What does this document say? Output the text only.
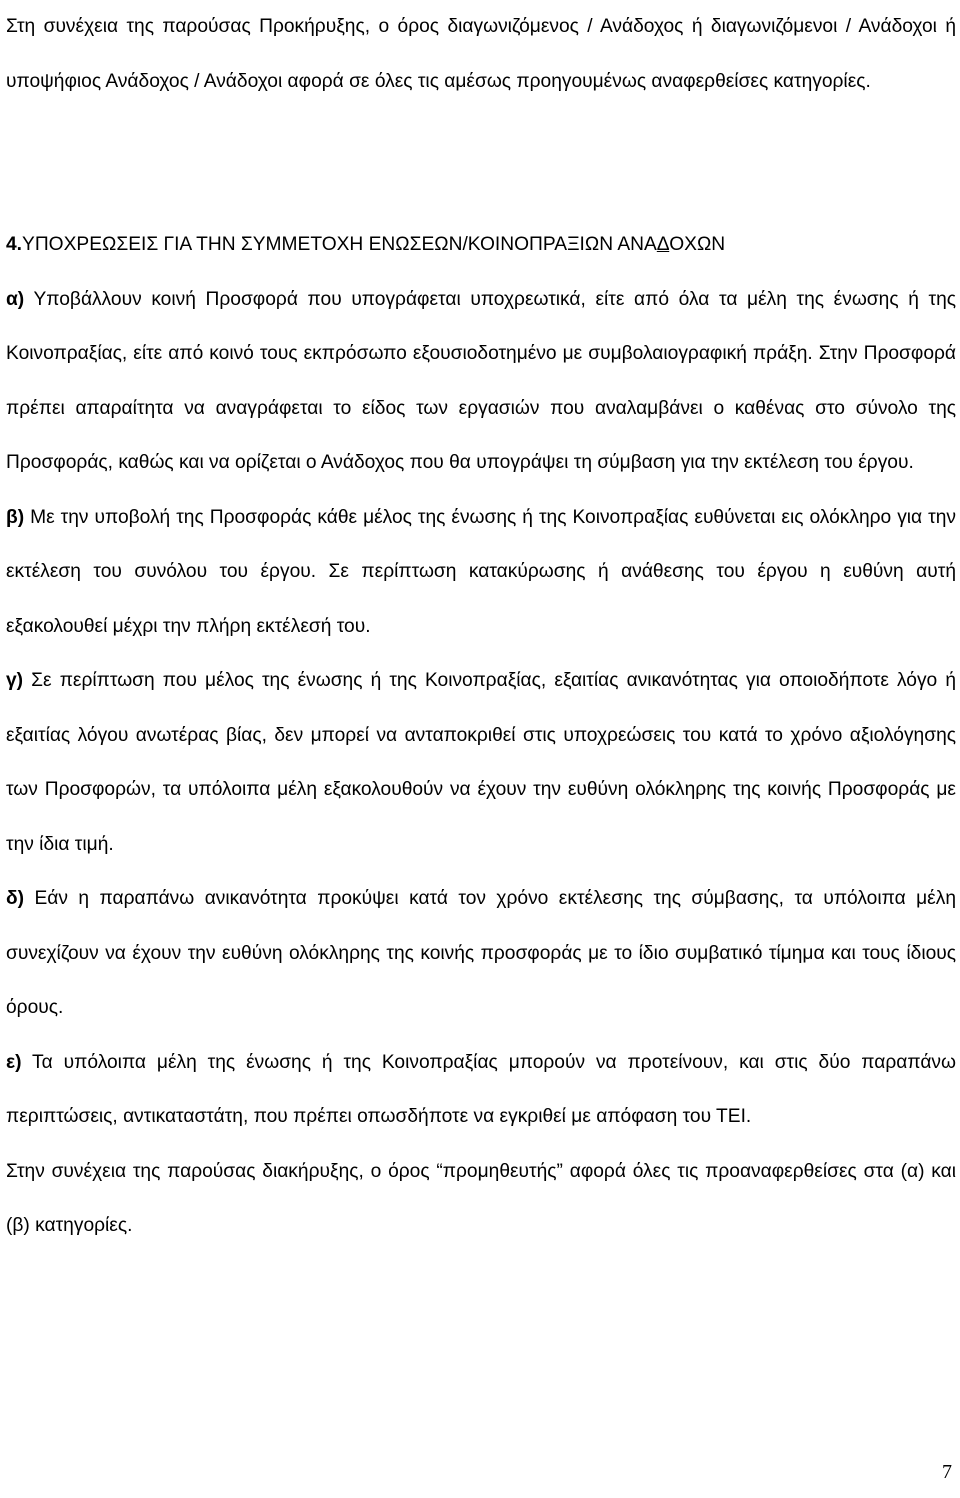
Στη συνέχεια της παρούσας Προκήρυξης, ο όρος διαγωνιζόμενος / Ανάδοχος ή διαγωνιζόμενοι / Ανάδοχοι ή υποψήφιος Ανάδοχος / Ανάδοχοι αφορά σε όλες τις αμέσως προηγουμένως αναφερθείσες κατηγορίες.

4.ΥΠΟΧΡΕΩΣΕΙΣ ΓΙΑ ΤΗΝ ΣΥΜΜΕΤΟΧΗ ΕΝΩΣΕΩΝ/ΚΟΙΝΟΠΡΑΞΙΩΝ ΑΝΑΔΟΧΩΝ

α) Υποβάλλουν κοινή Προσφορά που υπογράφεται υποχρεωτικά, είτε από όλα τα μέλη της ένωσης ή της Κοινοπραξίας, είτε από κοινό τους εκπρόσωπο εξουσιοδοτημένο με συμβολαιογραφική πράξη. Στην Προσφορά πρέπει απαραίτητα να αναγράφεται το είδος των εργασιών που αναλαμβάνει ο καθένας στο σύνολο της Προσφοράς, καθώς και να ορίζεται ο Ανάδοχος που θα υπογράψει τη σύμβαση για την εκτέλεση του έργου.

β) Με την υποβολή της Προσφοράς κάθε μέλος της ένωσης ή της Κοινοπραξίας ευθύνεται εις ολόκληρο για την εκτέλεση του συνόλου του έργου. Σε περίπτωση κατακύρωσης ή ανάθεσης του έργου η ευθύνη αυτή εξακολουθεί μέχρι την πλήρη εκτέλεσή του.

γ) Σε περίπτωση που μέλος της ένωσης ή της Κοινοπραξίας, εξαιτίας ανικανότητας για οποιοδήποτε λόγο ή εξαιτίας λόγου ανωτέρας βίας, δεν μπορεί να ανταποκριθεί στις υποχρεώσεις του κατά το χρόνο αξιολόγησης των Προσφορών, τα υπόλοιπα μέλη εξακολουθούν να έχουν την ευθύνη ολόκληρης της κοινής Προσφοράς με την ίδια τιμή.

δ) Εάν η παραπάνω ανικανότητα προκύψει κατά τον χρόνο εκτέλεσης της σύμβασης, τα υπόλοιπα μέλη συνεχίζουν να έχουν την ευθύνη ολόκληρης της κοινής προσφοράς με το ίδιο συμβατικό τίμημα και τους ίδιους όρους.

ε) Τα υπόλοιπα μέλη της ένωσης ή της Κοινοπραξίας μπορούν να προτείνουν, και στις δύο παραπάνω περιπτώσεις, αντικαταστάτη, που πρέπει οπωσδήποτε να εγκριθεί με απόφαση του ΤΕΙ.

Στην συνέχεια της παρούσας διακήρυξης, ο όρος “προμηθευτής” αφορά όλες τις προαναφερθείσες στα (α) και (β) κατηγορίες.

7
